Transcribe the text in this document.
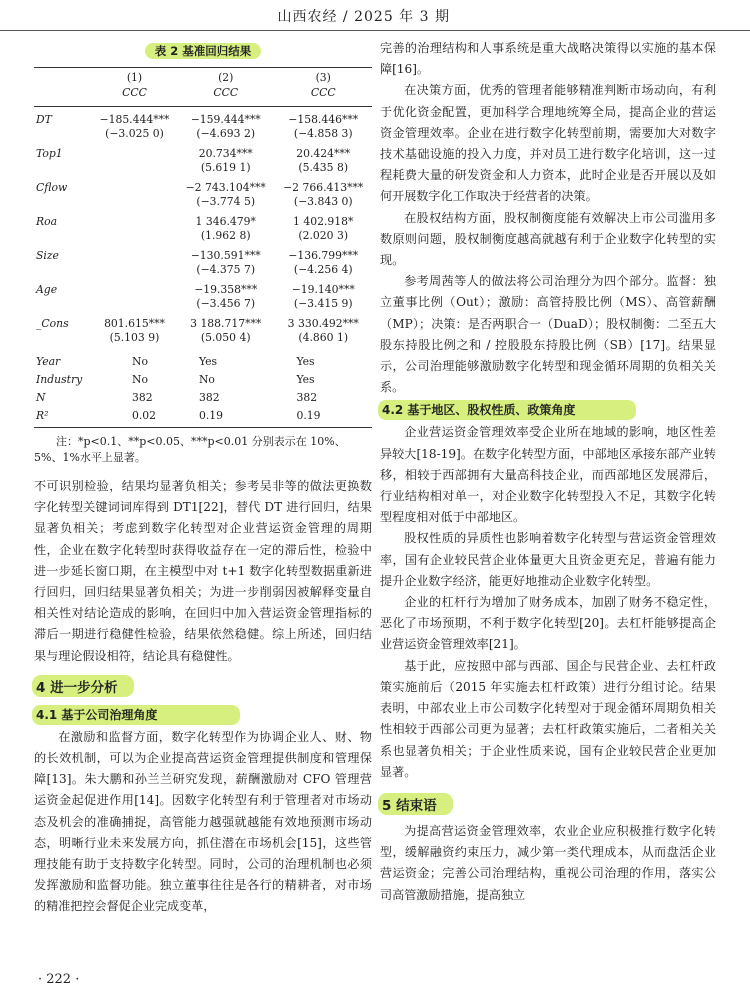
山西农经 / 2025 年 3 期
表 2 基准回归结果
	(1)	(2)	(3)
	CCC	CCC	CCC
DT	−185.444***	−159.444***	−158.446***
	(−3.025 0)	(−4.693 2)	(−4.858 3)
Top1		20.734***	20.424***
		(5.619 1)	(5.435 8)
Cflow		−2 743.104***	−2 766.413***
		(−3.774 5)	(−3.843 0)
Roa		1 346.479*	1 402.918*
		(1.962 8)	(2.020 3)
Size		−130.591***	−136.799***
		(−4.375 7)	(−4.256 4)
Age		−19.358***	−19.140***
		(−3.456 7)	(−3.415 9)
_Cons	801.615***	3 188.717***	3 330.492***
	(5.103 9)	(5.050 4)	(4.860 1)
Year	No	Yes	Yes
Industry	No	No	Yes
N	382	382	382
R²	0.02	0.19	0.19
注：*p<0.1、**p<0.05、***p<0.01 分别表示在 10%、5%、1%水平上显著。

不可识别检验，结果均显著负相关；参考吴非等的做法更换数字化转型关键词词库得到 DT1[22]，替代 DT 进行回归，结果显著负相关；考虑到数字化转型对企业营运资金管理的周期性，企业在数字化转型时获得收益存在一定的滞后性，检验中进一步延长窗口期，在主模型中对 t+1 数字化转型数据重新进行回归，回归结果显著负相关；为进一步削弱因被解释变量自相关性对结论造成的影响，在回归中加入营运资金管理指标的滞后一期进行稳健性检验，结果依然稳健。综上所述，回归结果与理论假设相符，结论具有稳健性。

4 进一步分析
4.1 基于公司治理角度

在激励和监督方面，数字化转型作为协调企业人、财、物的长效机制，可以为企业提高营运资金管理提供制度和管理保障[13]。朱大鹏和孙兰兰研究发现，薪酬激励对 CFO 管理营运资金起促进作用[14]。因数字化转型有利于管理者对市场动态及机会的准确捕捉，高管能力越强就越能有效地预测市场动态，明晰行业未来发展方向，抓住潜在市场机会[15]，这些管理技能有助于支持数字化转型。同时，公司的治理机制也必须发挥激励和监督功能。独立董事往往是各行的精耕者，对市场的精准把控会督促企业完成变革，

完善的治理结构和人事系统是重大战略决策得以实施的基本保障[16]。

在决策方面，优秀的管理者能够精准判断市场动向，有利于优化资金配置，更加科学合理地统筹全局，提高企业的营运资金管理效率。企业在进行数字化转型前期，需要加大对数字技术基础设施的投入力度，并对员工进行数字化培训，这一过程耗费大量的研发资金和人力资本，此时企业是否开展以及如何开展数字化工作取决于经营者的决策。

在股权结构方面，股权制衡度能有效解决上市公司滥用多数原则问题，股权制衡度越高就越有利于企业数字化转型的实现。

参考周茜等人的做法将公司治理分为四个部分。监督：独立董事比例（Out）；激励：高管持股比例（MS）、高管薪酬（MP）；决策：是否两职合一（DuaD）；股权制衡：二至五大股东持股比例之和 / 控股股东持股比例（SB）[17]。结果显示，公司治理能够激励数字化转型和现金循环周期的负相关关系。

4.2 基于地区、股权性质、政策角度

企业营运资金管理效率受企业所在地域的影响，地区性差异较大[18-19]。在数字化转型方面，中部地区承接东部产业转移，相较于西部拥有大量高科技企业，而西部地区发展滞后，行业结构相对单一，对企业数字化转型投入不足，其数字化转型程度相对低于中部地区。

股权性质的异质性也影响着数字化转型与营运资金管理效率，国有企业较民营企业体量更大且资金更充足，普遍有能力提升企业数字经济，能更好地推动企业数字化转型。

企业的杠杆行为增加了财务成本，加剧了财务不稳定性，恶化了市场预期，不利于数字化转型[20]。去杠杆能够提高企业营运资金管理效率[21]。

基于此，应按照中部与西部、国企与民营企业、去杠杆政策实施前后（2015 年实施去杠杆政策）进行分组讨论。结果表明，中部农业上市公司数字化转型对于现金循环周期负相关性相较于西部公司更为显著；去杠杆政策实施后，二者相关关系也显著负相关；于企业性质来说，国有企业较民营企业更加显著。

5 结束语

为提高营运资金管理效率，农业企业应积极推行数字化转型，缓解融资约束压力，减少第一类代理成本，从而盘活企业营运资金；完善公司治理结构，重视公司治理的作用，落实公司高管激励措施，提高独立

· 222 ·
